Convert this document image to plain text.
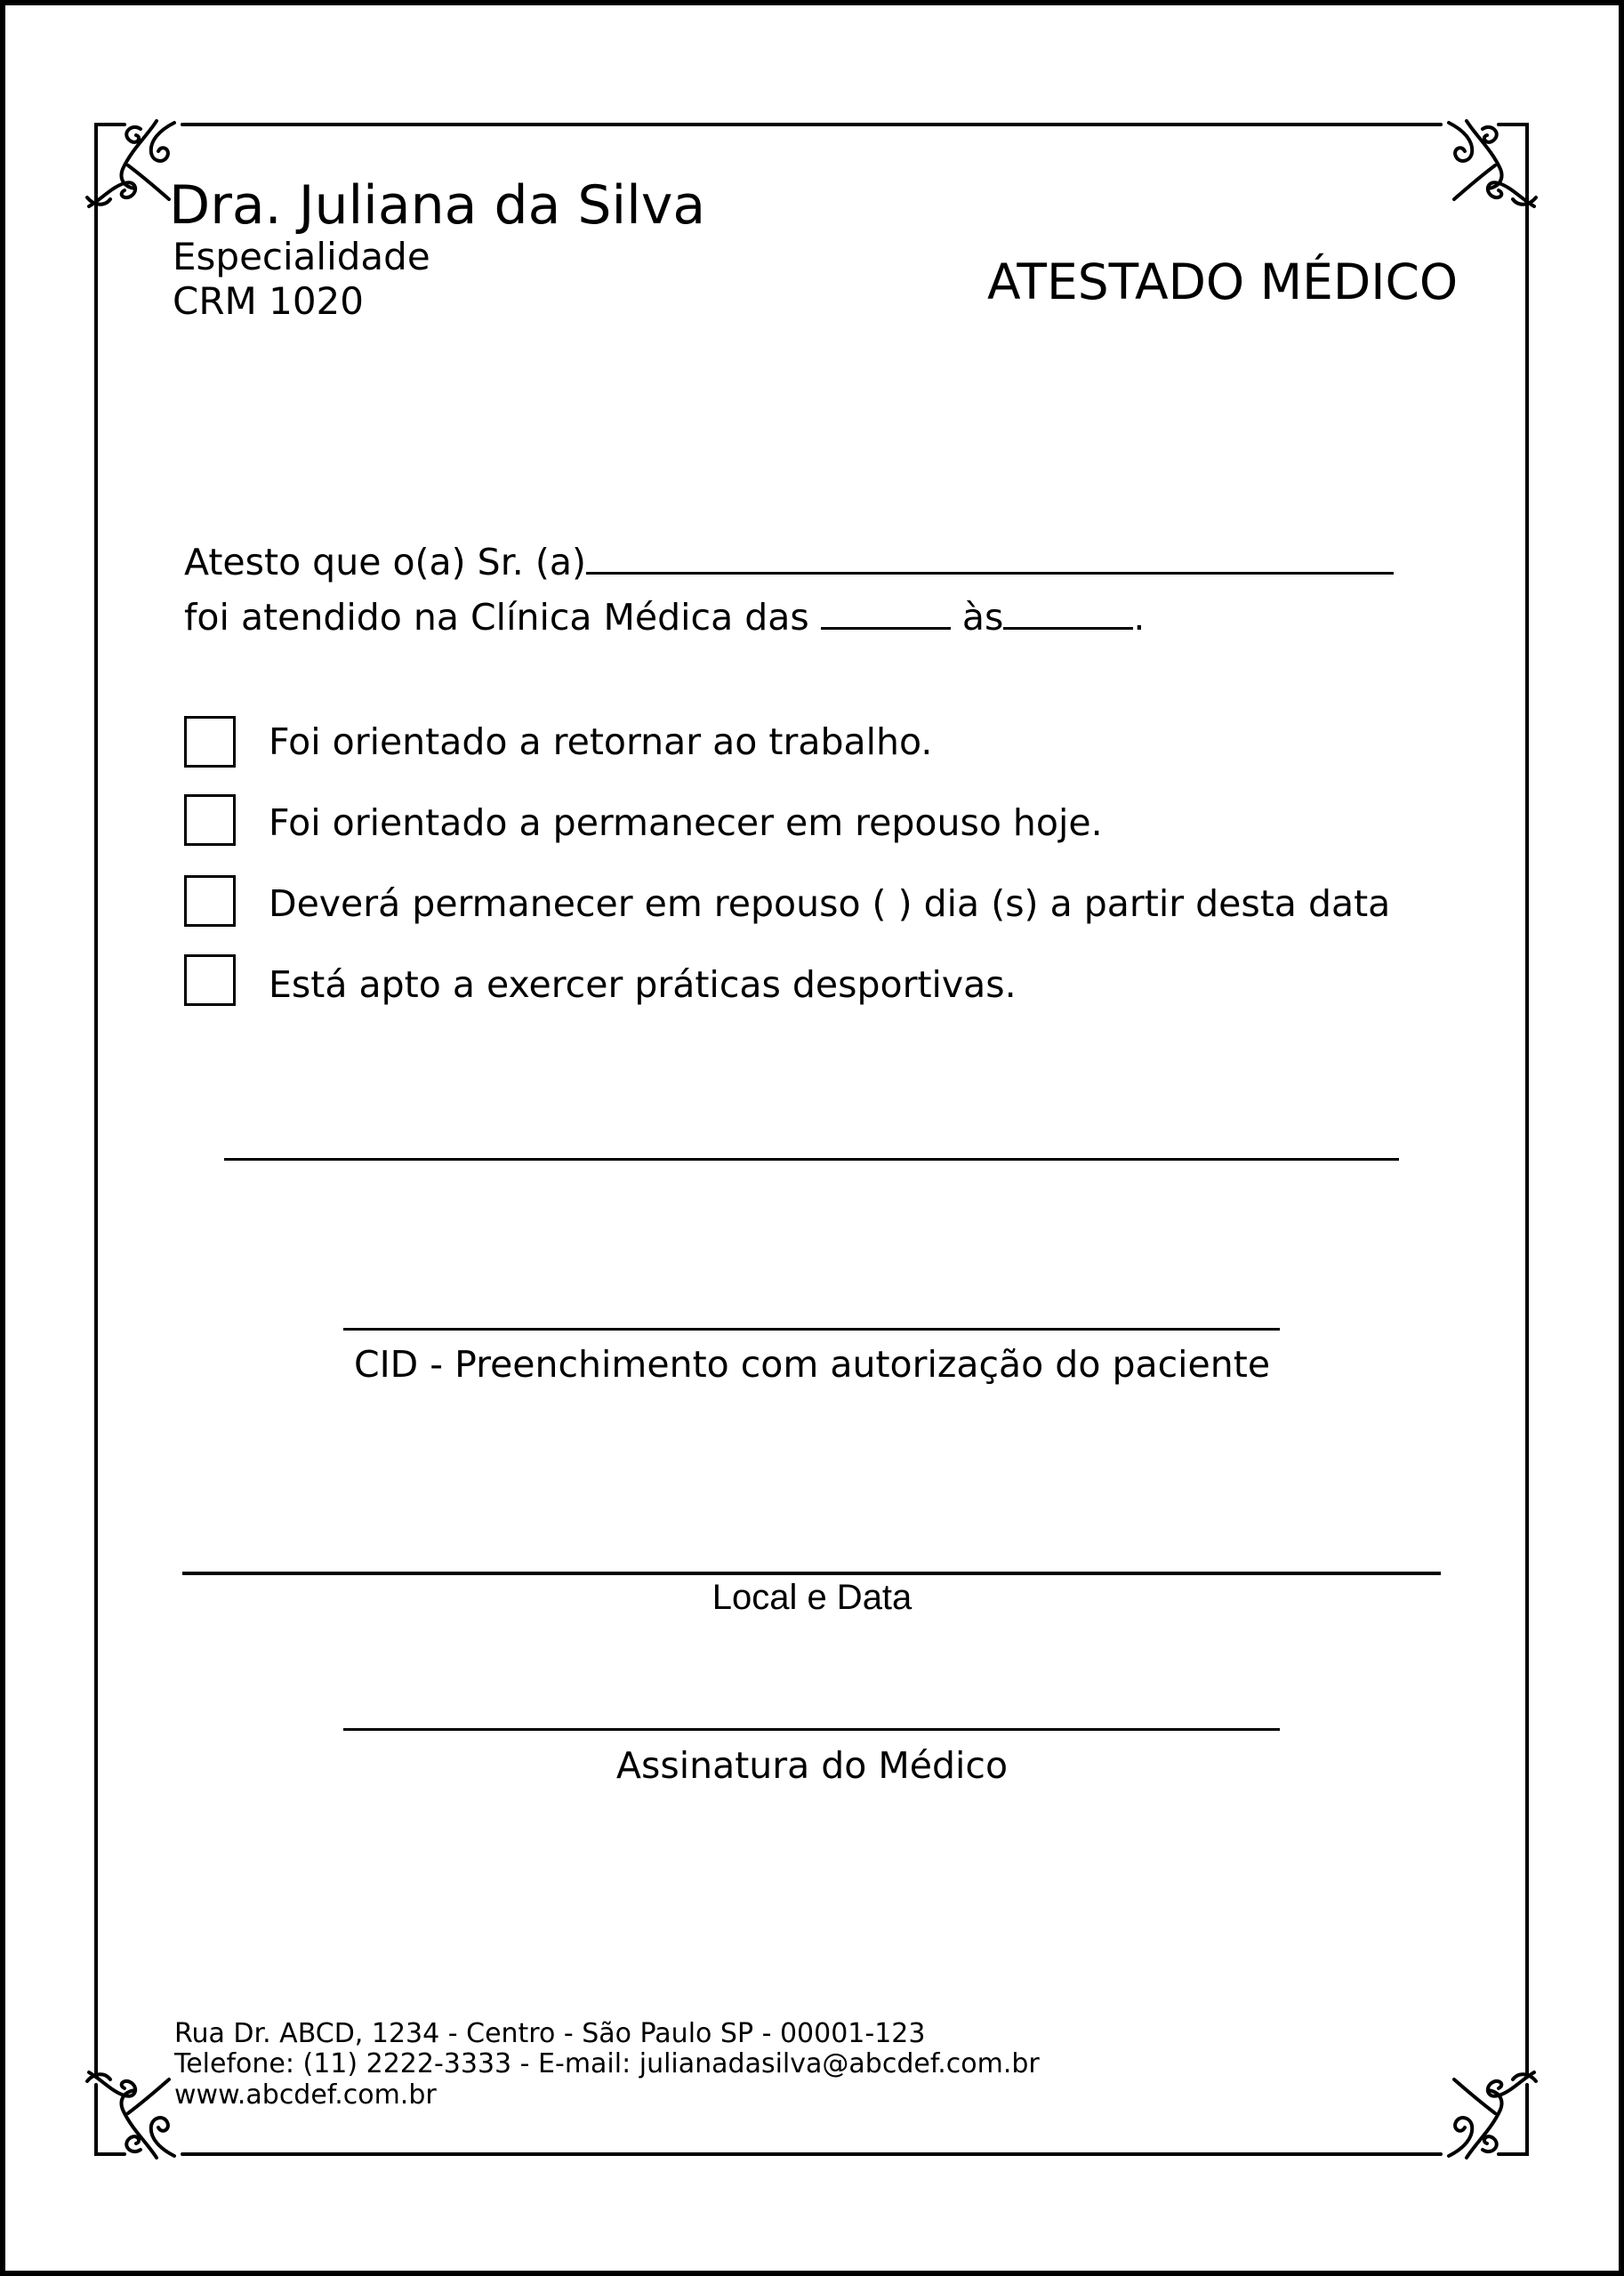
Dra. Juliana da Silva
Especialidade
CRM 1020	ATESTADO MÉDICO
Atesto que o(a) Sr. (a)
foi atendido na Clínica Médica das	às	.
Foi orientado a retornar ao trabalho.
Foi orientado a permanecer em repouso hoje.
Deverá permanecer em repouso ( ) dia (s) a partir desta data
Está apto a exercer práticas desportivas.
CID - Preenchimento com autorização do paciente
Local e Data
Assinatura do Médico
Rua Dr. ABCD, 1234 - Centro - São Paulo SP - 00001-123
Telefone: (11) 2222-3333 - E-mail: julianadasilva@abcdef.com.br
www.abcdef.com.br
